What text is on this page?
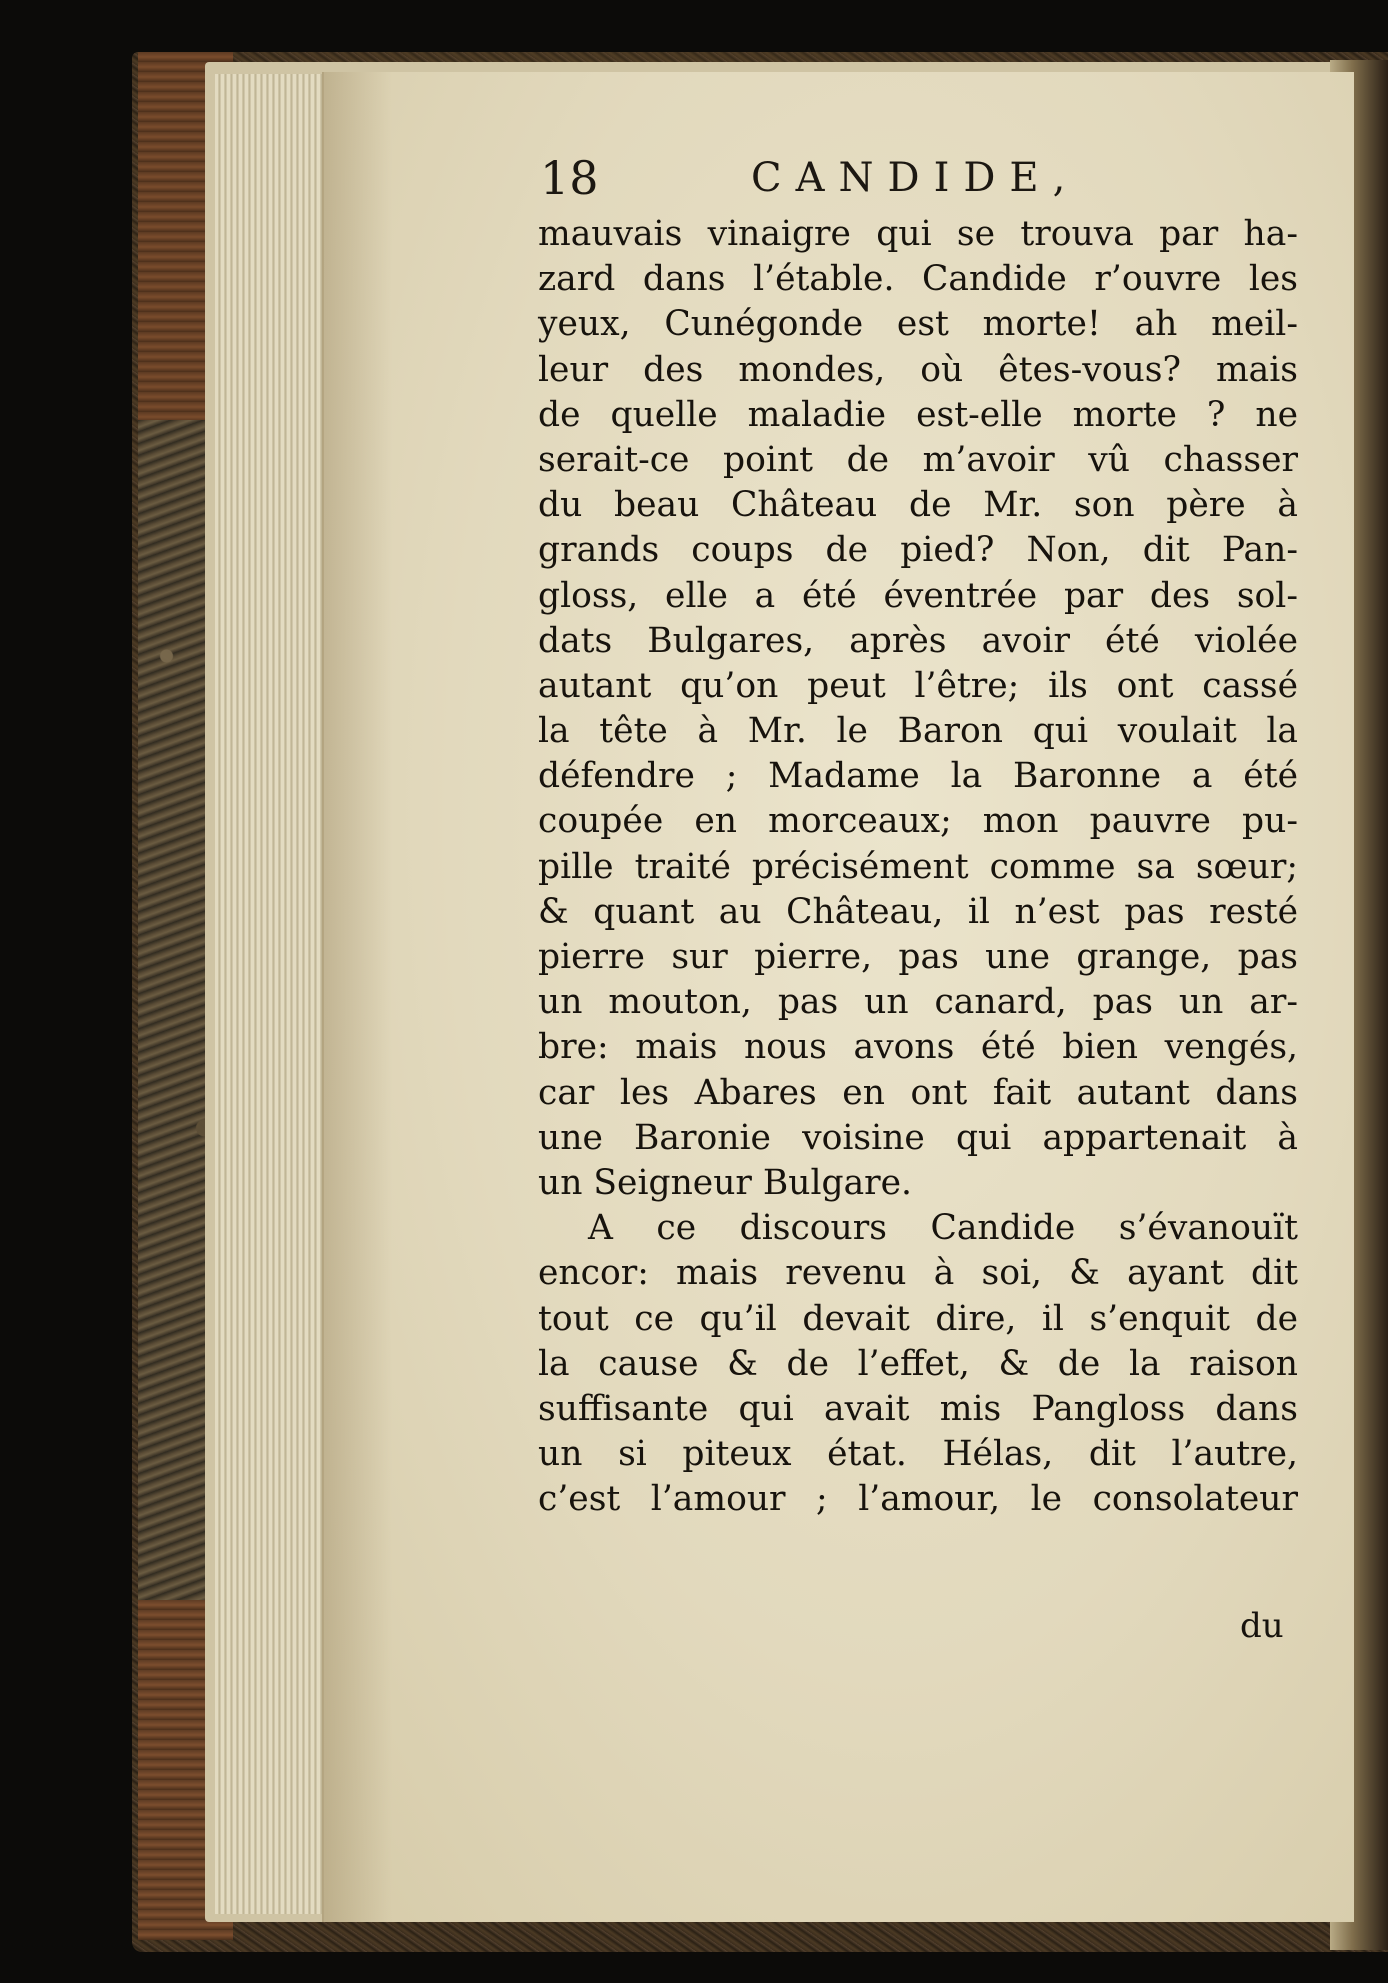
18	CANDIDE,
mauvais vinaigre qui se trouva par ha-
zard dans l’étable. Candide r’ouvre les
yeux, Cunégonde est morte! ah meil-
leur des mondes, où êtes-vous? mais
de quelle maladie est-elle morte ? ne
serait-ce point de m’avoir vû chasser
du beau Château de Mr. son père à
grands coups de pied? Non, dit Pan-
gloss, elle a été éventrée par des sol-
dats Bulgares, après avoir été violée
autant qu’on peut l’être; ils ont cassé
la tête à Mr. le Baron qui voulait la
défendre ; Madame la Baronne a été
coupée en morceaux; mon pauvre pu-
pille traité précisément comme sa sœur;
& quant au Château, il n’est pas resté
pierre sur pierre, pas une grange, pas
un mouton, pas un canard, pas un ar-
bre: mais nous avons été bien vengés,
car les Abares en ont fait autant dans
une Baronie voisine qui appartenait à
un Seigneur Bulgare.
A ce discours Candide s’évanouït
encor: mais revenu à soi, & ayant dit
tout ce qu’il devait dire, il s’enquit de
la cause & de l’effet, & de la raison
suffisante qui avait mis Pangloss dans
un si piteux état. Hélas, dit l’autre,
c’est l’amour ; l’amour, le consolateur
du
